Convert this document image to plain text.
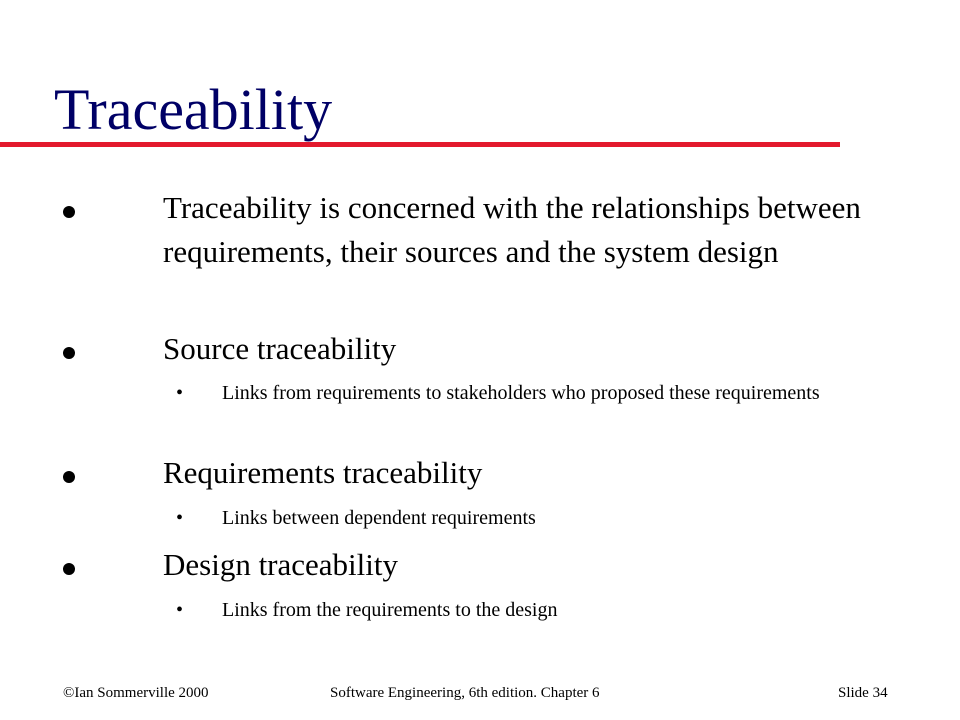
Traceability
Traceability is concerned with the relationships between requirements, their sources and the system design
Source traceability
• Links from requirements to stakeholders who proposed these requirements
Requirements traceability
• Links between dependent requirements
Design traceability
• Links from the requirements to the design
©Ian Sommerville 2000	Software Engineering, 6th edition. Chapter 6	Slide 34
